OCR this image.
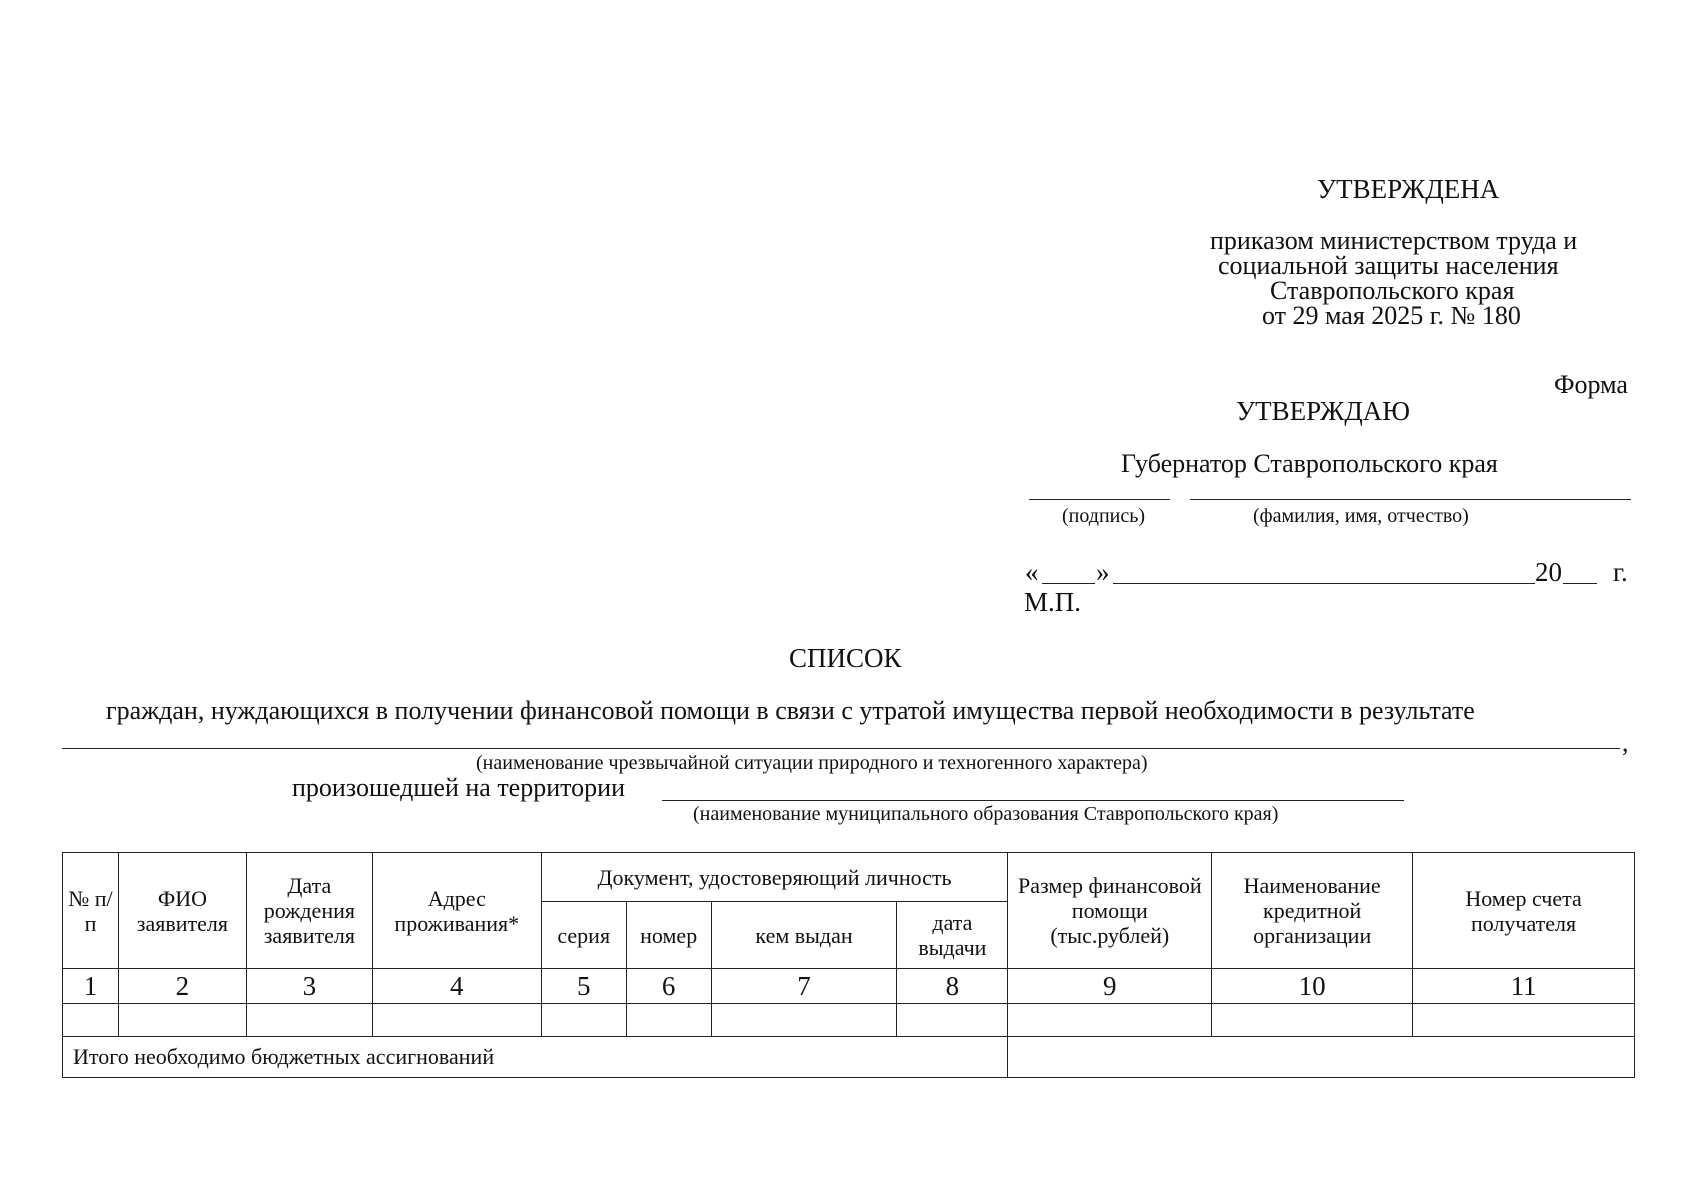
УТВЕРЖДЕНА
приказом министерством труда и
социальной защиты населения
Ставропольского края
от 29 мая 2025 г. № 180
Форма
УТВЕРЖДАЮ
Губернатор Ставропольского края
(подпись)	(фамилия, имя, отчество)
« »	20 г.
М.П.
СПИСОК
граждан, нуждающихся в получении финансовой помощи в связи с утратой имущества первой необходимости в результате
,
(наименование чрезвычайной ситуации природного и техногенного характера)
произошедшей на территории
(наименование муниципального образования Ставропольского края)
№ п/п	ФИО заявителя	Дата рождения заявителя	Адрес проживания*	Документ, удостоверяющий личность				Размер финансовой помощи (тыс.рублей)	Наименование кредитной организации	Номер счета получателя
				серия	номер	кем выдан	дата выдачи			
1	2	3	4	5	6	7	8	9	10	11

Итого необходимо бюджетных ассигнований										
